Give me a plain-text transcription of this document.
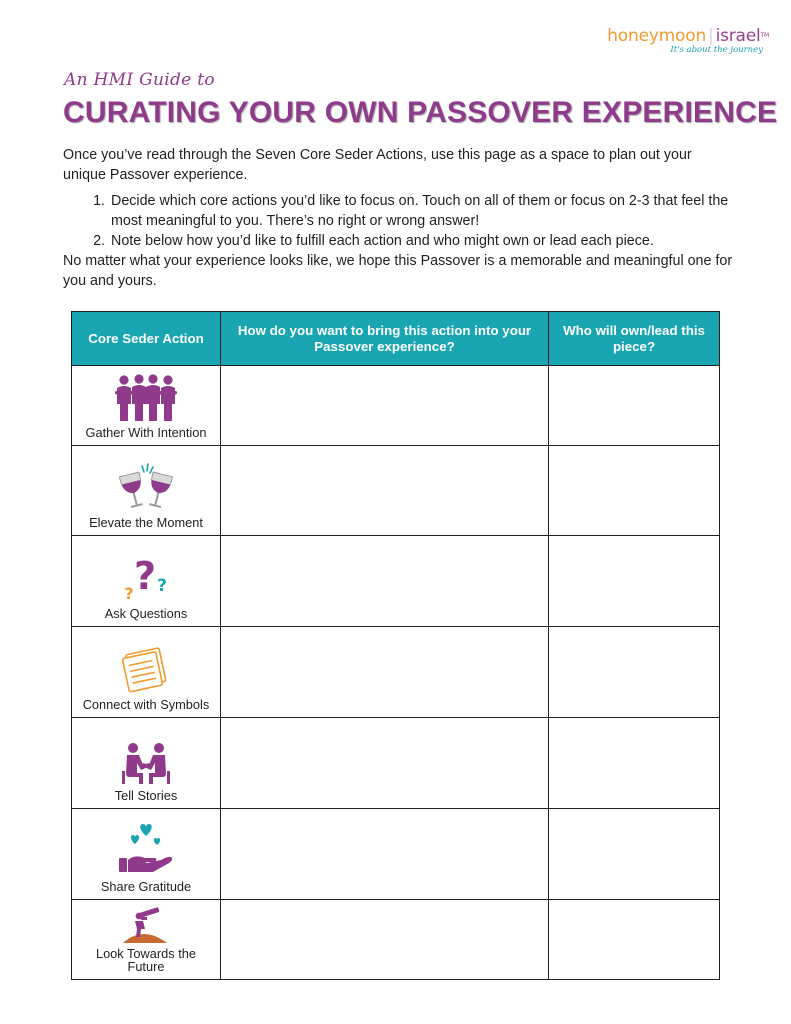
honeymoon | israel™
It's about the journey
An HMI Guide to
CURATING YOUR OWN PASSOVER EXPERIENCE

Once you’ve read through the Seven Core Seder Actions, use this page as a space to plan out your unique Passover experience.

1. Decide which core actions you’d like to focus on. Touch on all of them or focus on 2-3 that feel the most meaningful to you. There’s no right or wrong answer!
2. Note below how you’d like to fulfill each action and who might own or lead each piece.

No matter what your experience looks like, we hope this Passover is a memorable and meaningful one for you and yours.

Core Seder Action	How do you want to bring this action into your Passover experience?	Who will own/lead this piece?

Gather With Intention		

Elevate the Moment		

?
? ?
Ask Questions		

Connect with Symbols		

Tell Stories		

Share Gratitude		

Look Towards the Future		
